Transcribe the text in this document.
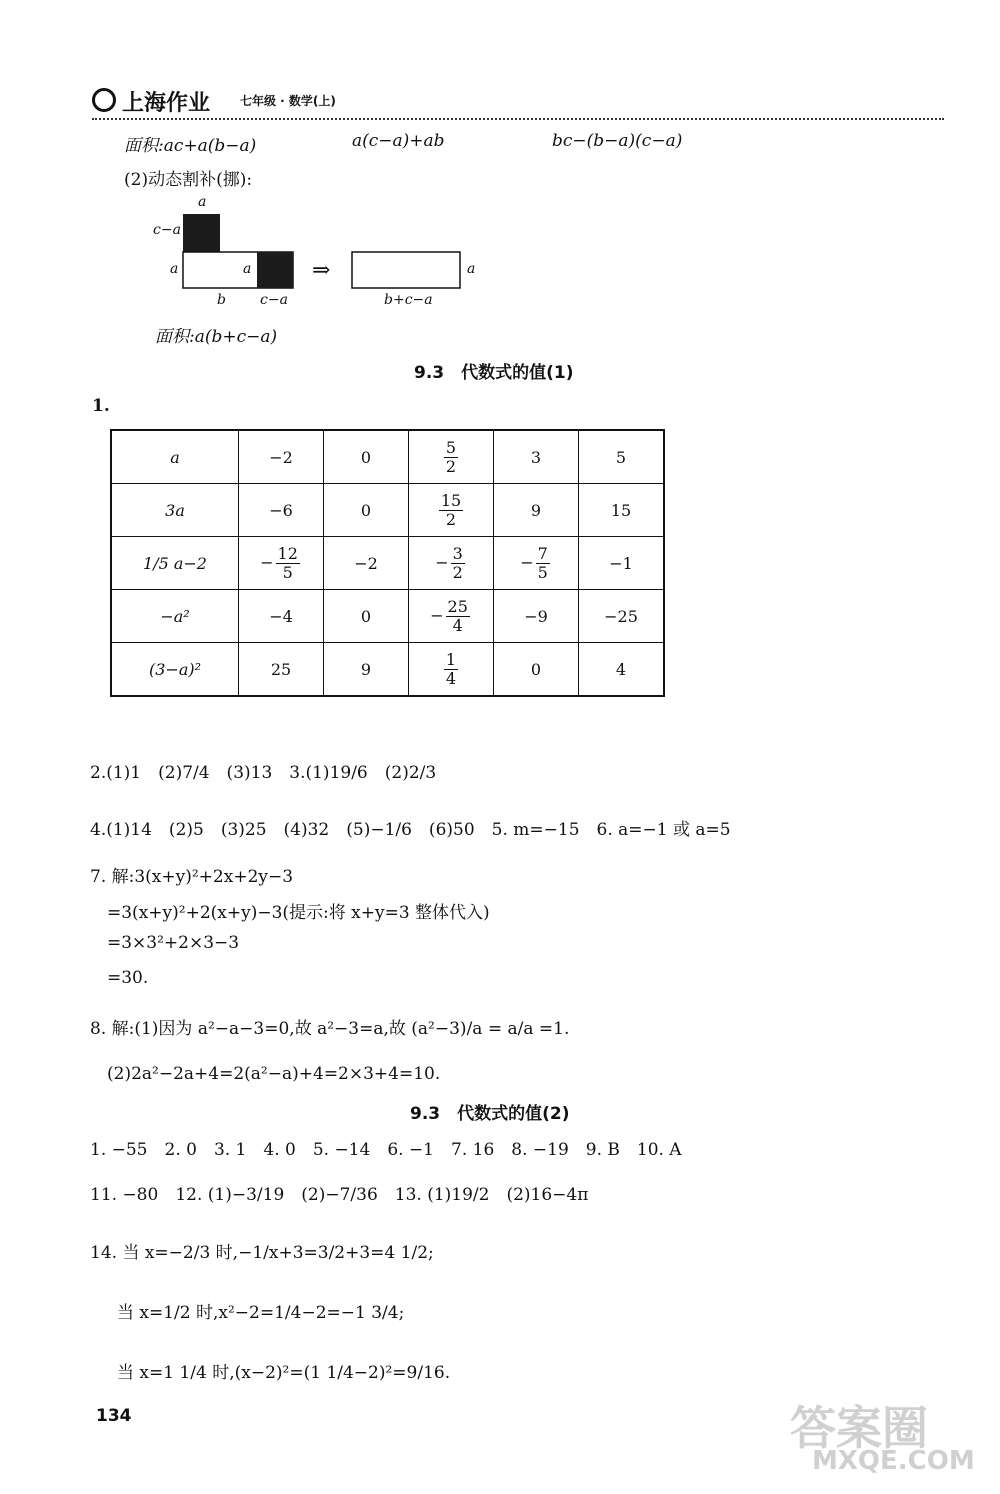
上海作业 七年级 · 数学(上)
面积:ac+a(b−a)	a(c−a)+ab	bc−(b−a)(c−a)
(2)动态割补(挪):
a
c−a
a	a
b c−a
⇒	a
b+c−a
面积:a(b+c−a)
9.3　代数式的值(1)
1.
a	−2	0	$\frac{5}{2}$	3	5
3a	−6	0	$\frac{15}{2}$	9	15
1/5 a−2	− $\frac{12}{5}$	−2	− $\frac{3}{2}$	− $\frac{7}{5}$	−1
−a²	−4	0	− $\frac{25}{4}$	−9	−25
(3−a)²	25	9	$\frac{1}{4}$	0	4
2.(1)1　(2)7/4　(3)13　3.(1)19/6　(2)2/3
4.(1)14　(2)5　(3)25　(4)32　(5)−1/6　(6)50　5. m=−15　6. a=−1 或 a=5
7. 解:3(x+y)²+2x+2y−3
=3(x+y)²+2(x+y)−3(提示:将 x+y=3 整体代入)
=3×3²+2×3−3
=30.
8. 解:(1)因为 a²−a−3=0,故 a²−3=a,故 (a²−3)/a = a/a =1.
(2)2a²−2a+4=2(a²−a)+4=2×3+4=10.
9.3　代数式的值(2)
1. −55　2. 0　3. 1　4. 0　5. −14　6. −1　7. 16　8. −19　9. B　10. A
11. −80　12. (1)−3/19　(2)−7/36　13. (1)19/2　(2)16−4π
14. 当 x=−2/3 时,−1/x+3=3/2+3=4 1/2;
当 x=1/2 时,x²−2=1/4−2=−1 3/4;
当 x=1 1/4 时,(x−2)²=(1 1/4−2)²=9/16.
134	答案圈
MXQE.COM
